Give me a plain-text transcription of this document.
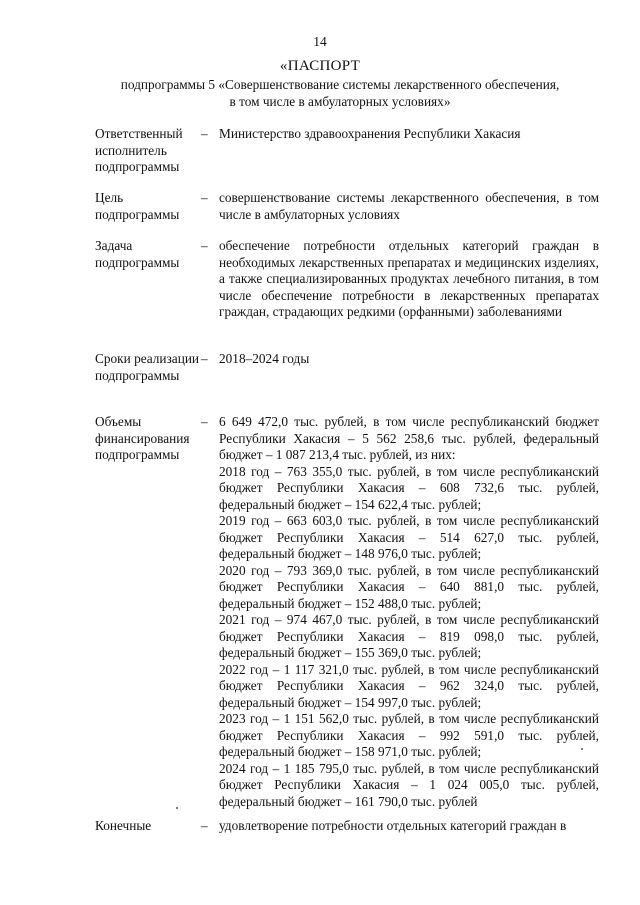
14
«ПАСПОРТ
подпрограммы 5 «Совершенствование системы лекарственного обеспечения, в том числе в амбулаторных условиях»
Ответственный исполнитель подпрограммы
– Министерство здравоохранения Республики Хакасия

Цель подпрограммы
– совершенствование системы лекарственного обеспечения, в том числе в амбулаторных условиях

Задача подпрограммы
– обеспечение потребности отдельных категорий граждан в необходимых лекарственных препаратах и медицинских изделиях, а также специализированных продуктах лечебного питания, в том числе обеспечение потребности в лекарственных препаратах граждан, страдающих редкими (орфанными) заболеваниями

Сроки реализации подпрограммы
– 2018–2024 годы

Объемы финансирования подпрограммы
– 6 649 472,0 тыс. рублей, в том числе республиканский бюджет Республики Хакасия – 5 562 258,6 тыс. рублей, федеральный бюджет – 1 087 213,4 тыс. рублей, из них:

2018 год – 763 355,0 тыс. рублей, в том числе республиканский бюджет Республики Хакасия – 608 732,6 тыс. рублей, федеральный бюджет – 154 622,4 тыс. рублей;

2019 год – 663 603,0 тыс. рублей, в том числе республиканский бюджет Республики Хакасия – 514 627,0 тыс. рублей, федеральный бюджет – 148 976,0 тыс. рублей;

2020 год – 793 369,0 тыс. рублей, в том числе республиканский бюджет Республики Хакасия – 640 881,0 тыс. рублей, федеральный бюджет – 152 488,0 тыс. рублей;

2021 год – 974 467,0 тыс. рублей, в том числе республиканский бюджет Республики Хакасия – 819 098,0 тыс. рублей, федеральный бюджет – 155 369,0 тыс. рублей;

2022 год – 1 117 321,0 тыс. рублей, в том числе республиканский бюджет Республики Хакасия – 962 324,0 тыс. рублей, федеральный бюджет – 154 997,0 тыс. рублей;

2023 год – 1 151 562,0 тыс. рублей, в том числе республиканский бюджет Республики Хакасия – 992 591,0 тыс. рублей, федеральный бюджет – 158 971,0 тыс. рублей;

2024 год – 1 185 795,0 тыс. рублей, в том числе республиканский бюджет Республики Хакасия – 1 024 005,0 тыс. рублей, федеральный бюджет – 161 790,0 тыс. рублей

Конечные	– удовлетворение потребности отдельных категорий граждан в
